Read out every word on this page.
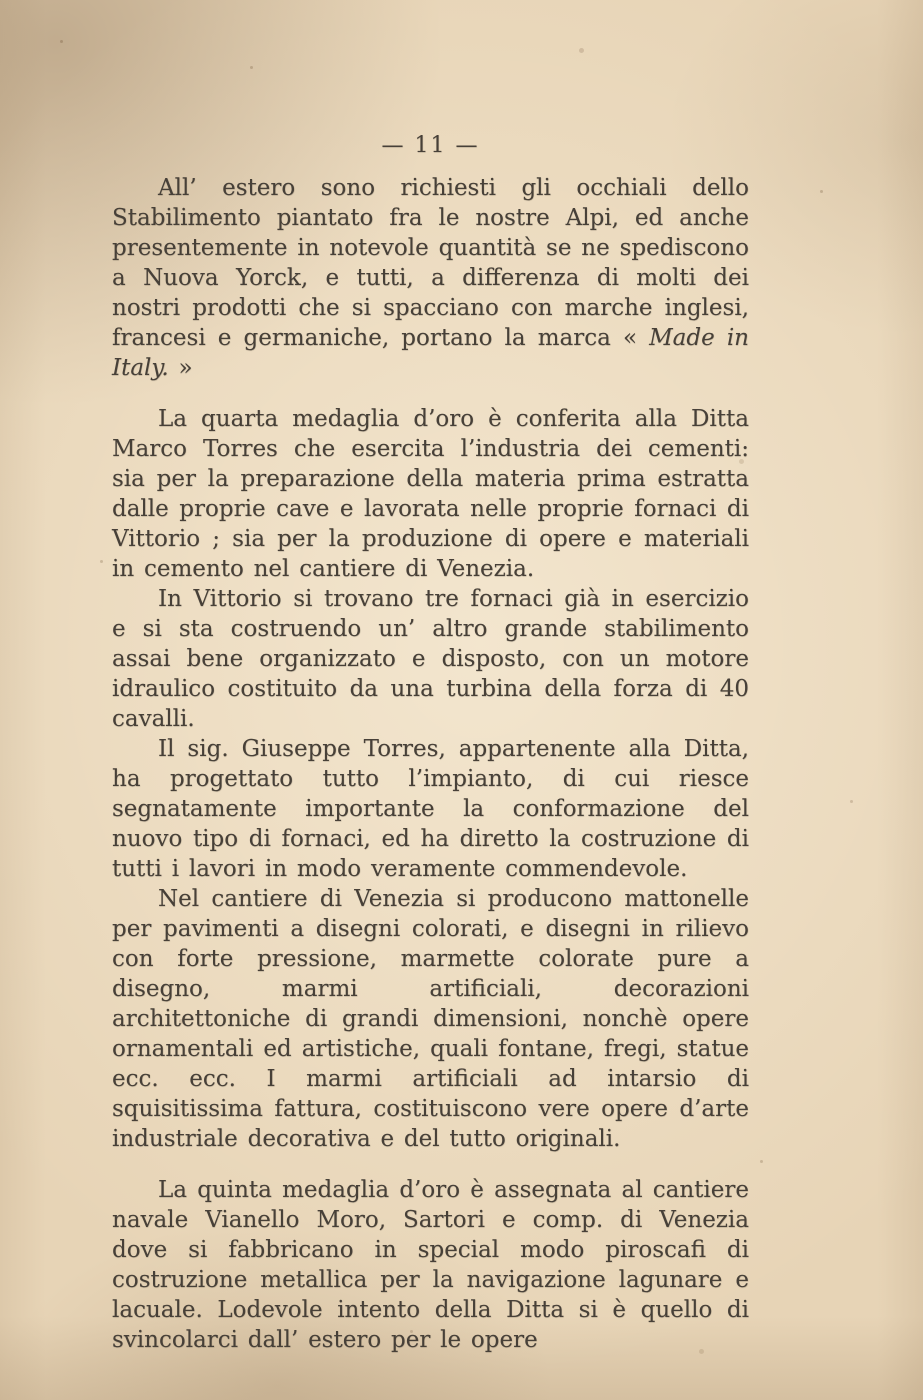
— 11 —

All’ estero sono richiesti gli occhiali dello Stabilimento piantato fra le nostre Alpi, ed anche presentemente in notevole quantità se ne spediscono a Nuova Yorck, e tutti, a differenza di molti dei nostri prodotti che si spacciano con marche inglesi, francesi e germaniche, portano la marca « Made in Italy. »

La quarta medaglia d’oro è conferita alla Ditta Marco Torres che esercita l’industria dei cementi: sia per la preparazione della materia prima estratta dalle proprie cave e lavorata nelle proprie fornaci di Vittorio ; sia per la produzione di opere e materiali in cemento nel cantiere di Venezia.

In Vittorio si trovano tre fornaci già in esercizio e si sta costruendo un’ altro grande stabilimento assai bene organizzato e disposto, con un motore idraulico costituito da una turbina della forza di 40 cavalli.

Il sig. Giuseppe Torres, appartenente alla Ditta, ha progettato tutto l’impianto, di cui riesce segnatamente importante la conformazione del nuovo tipo di fornaci, ed ha diretto la costruzione di tutti i lavori in modo veramente commendevole.

Nel cantiere di Venezia si producono mattonelle per pavimenti a disegni colorati, e disegni in rilievo con forte pressione, marmette colorate pure a disegno, marmi artificiali, decorazioni architettoniche di grandi dimensioni, nonchè opere ornamentali ed artistiche, quali fontane, fregi, statue ecc. ecc. I marmi artificiali ad intarsio di squisitissima fattura, costituiscono vere opere d’arte industriale decorativa e del tutto originali.

La quinta medaglia d’oro è assegnata al cantiere navale Vianello Moro, Sartori e comp. di Venezia dove si fabbricano in special modo piroscafi di costruzione metallica per la navigazione lagunare e lacuale. Lodevole intento della Ditta si è quello di svincolarci dall’ estero per le opere
